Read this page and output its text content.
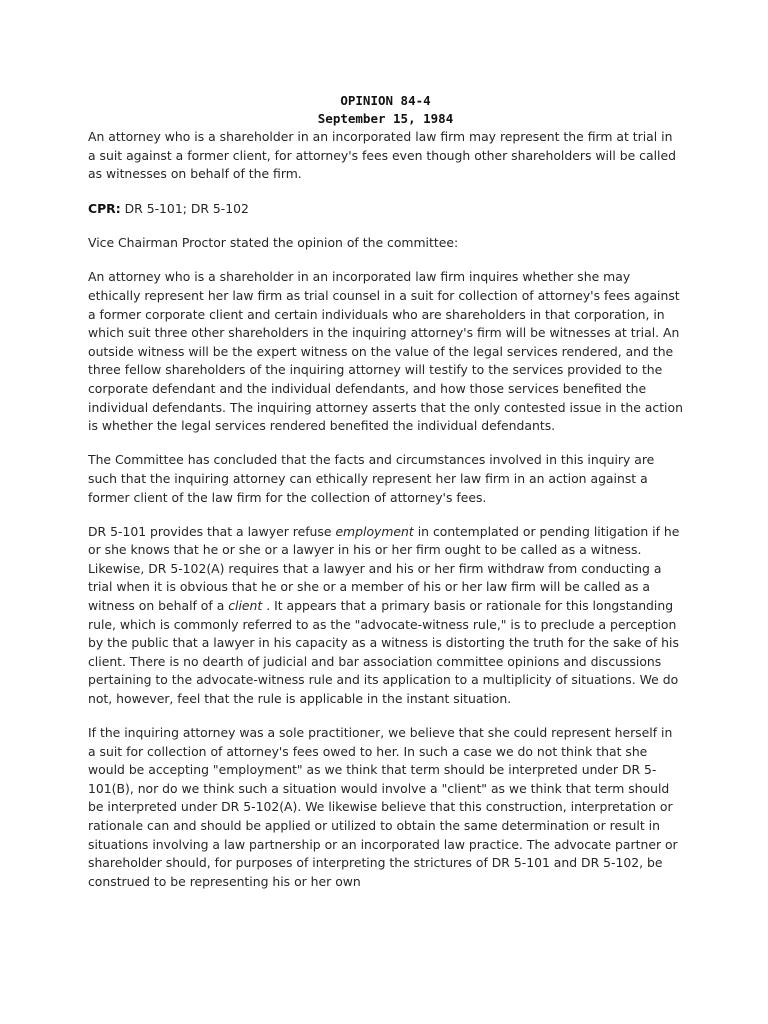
OPINION 84-4
September 15, 1984

An attorney who is a shareholder in an incorporated law firm may represent the firm at trial in a suit against a former client, for attorney's fees even though other shareholders will be called as witnesses on behalf of the firm.

CPR: DR 5-101; DR 5-102

Vice Chairman Proctor stated the opinion of the committee:

An attorney who is a shareholder in an incorporated law firm inquires whether she may ethically represent her law firm as trial counsel in a suit for collection of attorney's fees against a former corporate client and certain individuals who are shareholders in that corporation, in which suit three other shareholders in the inquiring attorney's firm will be witnesses at trial. An outside witness will be the expert witness on the value of the legal services rendered, and the three fellow shareholders of the inquiring attorney will testify to the services provided to the corporate defendant and the individual defendants, and how those services benefited the individual defendants. The inquiring attorney asserts that the only contested issue in the action is whether the legal services rendered benefited the individual defendants.

The Committee has concluded that the facts and circumstances involved in this inquiry are such that the inquiring attorney can ethically represent her law firm in an action against a former client of the law firm for the collection of attorney's fees.

DR 5-101 provides that a lawyer refuse employment in contemplated or pending litigation if he or she knows that he or she or a lawyer in his or her firm ought to be called as a witness. Likewise, DR 5-102(A) requires that a lawyer and his or her firm withdraw from conducting a trial when it is obvious that he or she or a member of his or her law firm will be called as a witness on behalf of a client . It appears that a primary basis or rationale for this longstanding rule, which is commonly referred to as the "advocate-witness rule," is to preclude a perception by the public that a lawyer in his capacity as a witness is distorting the truth for the sake of his client. There is no dearth of judicial and bar association committee opinions and discussions pertaining to the advocate-witness rule and its application to a multiplicity of situations. We do not, however, feel that the rule is applicable in the instant situation.

If the inquiring attorney was a sole practitioner, we believe that she could represent herself in a suit for collection of attorney's fees owed to her. In such a case we do not think that she would be accepting "employment" as we think that term should be interpreted under DR 5-101(B), nor do we think such a situation would involve a "client" as we think that term should be interpreted under DR 5-102(A). We likewise believe that this construction, interpretation or rationale can and should be applied or utilized to obtain the same determination or result in situations involving a law partnership or an incorporated law practice. The advocate partner or shareholder should, for purposes of interpreting the strictures of DR 5-101 and DR 5-102, be construed to be representing his or her own
